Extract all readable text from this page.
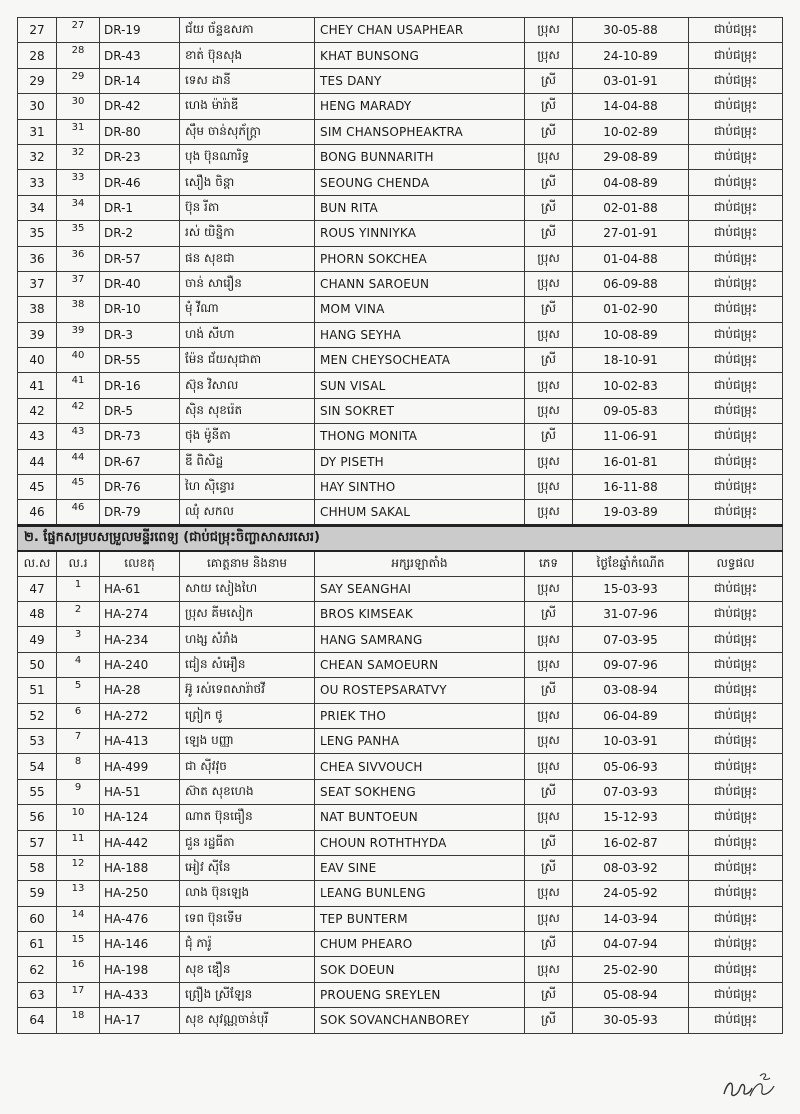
27	27	DR-19	ជ័យ ច័ន្ទឧសភា	CHEY CHAN USAPHEAR	ប្រុស	30-05-88	ជាប់ជម្រុះ
28	28	DR-43	ខាត់ ប៊ុនសុង	KHAT BUNSONG	ប្រុស	24-10-89	ជាប់ជម្រុះ
29	29	DR-14	ទេស ដានី	TES DANY	ស្រី	03-01-91	ជាប់ជម្រុះ
30	30	DR-42	ហេង ម៉ារ៉ាឌី	HENG MARADY	ស្រី	14-04-88	ជាប់ជម្រុះ
31	31	DR-80	ស៊ឹម ចាន់សុភ័ក្ត្រា	SIM CHANSOPHEAKTRA	ស្រី	10-02-89	ជាប់ជម្រុះ
32	32	DR-23	បុង ប៊ុនណារិទ្ធ	BONG BUNNARITH	ប្រុស	29-08-89	ជាប់ជម្រុះ
33	33	DR-46	សឿង ចិន្តា	SEOUNG CHENDA	ស្រី	04-08-89	ជាប់ជម្រុះ
34	34	DR-1	ប៊ុន រីតា	BUN RITA	ស្រី	02-01-88	ជាប់ជម្រុះ
35	35	DR-2	រស់ យិន្និកា	ROUS YINNIYKA	ស្រី	27-01-91	ជាប់ជម្រុះ
36	36	DR-57	ផន សុខជា	PHORN SOKCHEA	ប្រុស	01-04-88	ជាប់ជម្រុះ
37	37	DR-40	ចាន់ សារឿន	CHANN SAROEUN	ប្រុស	06-09-88	ជាប់ជម្រុះ
38	38	DR-10	មុំ វីណា	MOM VINA	ស្រី	01-02-90	ជាប់ជម្រុះ
39	39	DR-3	ហង់ សីហា	HANG SEYHA	ប្រុស	10-08-89	ជាប់ជម្រុះ
40	40	DR-55	ម៉ែន ជ័យសុជាតា	MEN CHEYSOCHEATA	ស្រី	18-10-91	ជាប់ជម្រុះ
41	41	DR-16	ស៊ុន វិសាល	SUN VISAL	ប្រុស	10-02-83	ជាប់ជម្រុះ
42	42	DR-5	ស៊ិន សុខរ៉េត	SIN SOKRET	ប្រុស	09-05-83	ជាប់ជម្រុះ
43	43	DR-73	ថុង ម៉ូនីតា	THONG MONITA	ស្រី	11-06-91	ជាប់ជម្រុះ
44	44	DR-67	ឌី ពិសិដ្ឋ	DY PISETH	ប្រុស	16-01-81	ជាប់ជម្រុះ
45	45	DR-76	ហៃ ស៊ិន្ធោរ	HAY SINTHO	ប្រុស	16-11-88	ជាប់ជម្រុះ
46	46	DR-79	ឈុំ សកល	CHHUM SAKAL	ប្រុស	19-03-89	ជាប់ជម្រុះ
២. ផ្នែកសម្របសម្រួលមន្ទីរពេទ្យ (ជាប់ជម្រុះចិញ្ចាសាសរសេរ)							
ល.ស	ល.រ	លេខតុ	គោត្តនាម និងនាម	អក្សរឡាតាំង	ភេទ	ថ្ងៃខែឆ្នាំកំណើត	លទ្ធផល
47	1	HA-61	សាយ សៀងហៃ	SAY SEANGHAI	ប្រុស	15-03-93	ជាប់ជម្រុះ
48	2	HA-274	ប្រុស គីមសៀក	BROS KIMSEAK	ស្រី	31-07-96	ជាប់ជម្រុះ
49	3	HA-234	ហង្ស សំរាំង	HANG SAMRANG	ប្រុស	07-03-95	ជាប់ជម្រុះ
50	4	HA-240	ជៀន សំអឿន	CHEAN SAMOEURN	ប្រុស	09-07-96	ជាប់ជម្រុះ
51	5	HA-28	អ៊ូ រស់ទេពសារ៉ាថវី	OU ROSTEPSARATVY	ស្រី	03-08-94	ជាប់ជម្រុះ
52	6	HA-272	ព្រៀក ថូ	PRIEK THO	ប្រុស	06-04-89	ជាប់ជម្រុះ
53	7	HA-413	ឡេង បញ្ញា	LENG PANHA	ប្រុស	10-03-91	ជាប់ជម្រុះ
54	8	HA-499	ជា ស៊ីវវុច	CHEA SIVVOUCH	ប្រុស	05-06-93	ជាប់ជម្រុះ
55	9	HA-51	ស៊ាត សុខហេង	SEAT SOKHENG	ស្រី	07-03-93	ជាប់ជម្រុះ
56	10	HA-124	ណាត ប៊ុនធឿន	NAT BUNTOEUN	ប្រុស	15-12-93	ជាប់ជម្រុះ
57	11	HA-442	ជួន រដ្ឋធីតា	CHOUN ROTHTHYDA	ស្រី	16-02-87	ជាប់ជម្រុះ
58	12	HA-188	អៀវ ស៊ីនែ	EAV SINE	ស្រី	08-03-92	ជាប់ជម្រុះ
59	13	HA-250	លាង ប៊ុនឡេង	LEANG BUNLENG	ប្រុស	24-05-92	ជាប់ជម្រុះ
60	14	HA-476	ទេព ប៊ុនទើម	TEP BUNTERM	ប្រុស	14-03-94	ជាប់ជម្រុះ
61	15	HA-146	ជុំ ភារ៉ូ	CHUM PHEARO	ស្រី	04-07-94	ជាប់ជម្រុះ
62	16	HA-198	សុខ ឌឿន	SOK DOEUN	ប្រុស	25-02-90	ជាប់ជម្រុះ
63	17	HA-433	ព្រឿង ស្រីឡែន	PROUENG SREYLEN	ស្រី	05-08-94	ជាប់ជម្រុះ
64	18	HA-17	សុខ សុវណ្ណចាន់បុរី	SOK SOVANCHANBOREY	ស្រី	30-05-93	ជាប់ជម្រុះ
